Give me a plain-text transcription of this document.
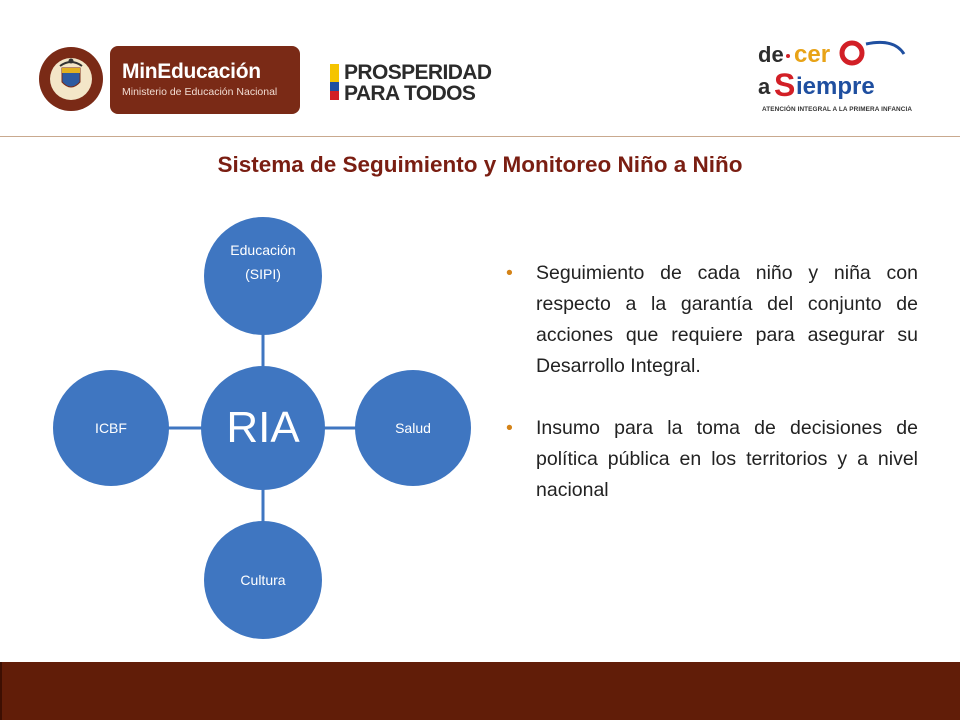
MinEducación
Ministerio de Educación Nacional
PROSPERIDAD
PARA TODOS
de cer
a S iempre
ATENCIÓN INTEGRAL A LA PRIMERA INFANCIA
Sistema de Seguimiento y Monitoreo Niño a Niño
RIA
Educación
(SIPI)
Salud
Cultura
ICBF
• Seguimiento de cada niño y niña con respecto a la garantía del conjunto de acciones que requiere para asegurar su Desarrollo Integral.
• Insumo para la toma de decisiones de política pública en los territorios y a nivel nacional
